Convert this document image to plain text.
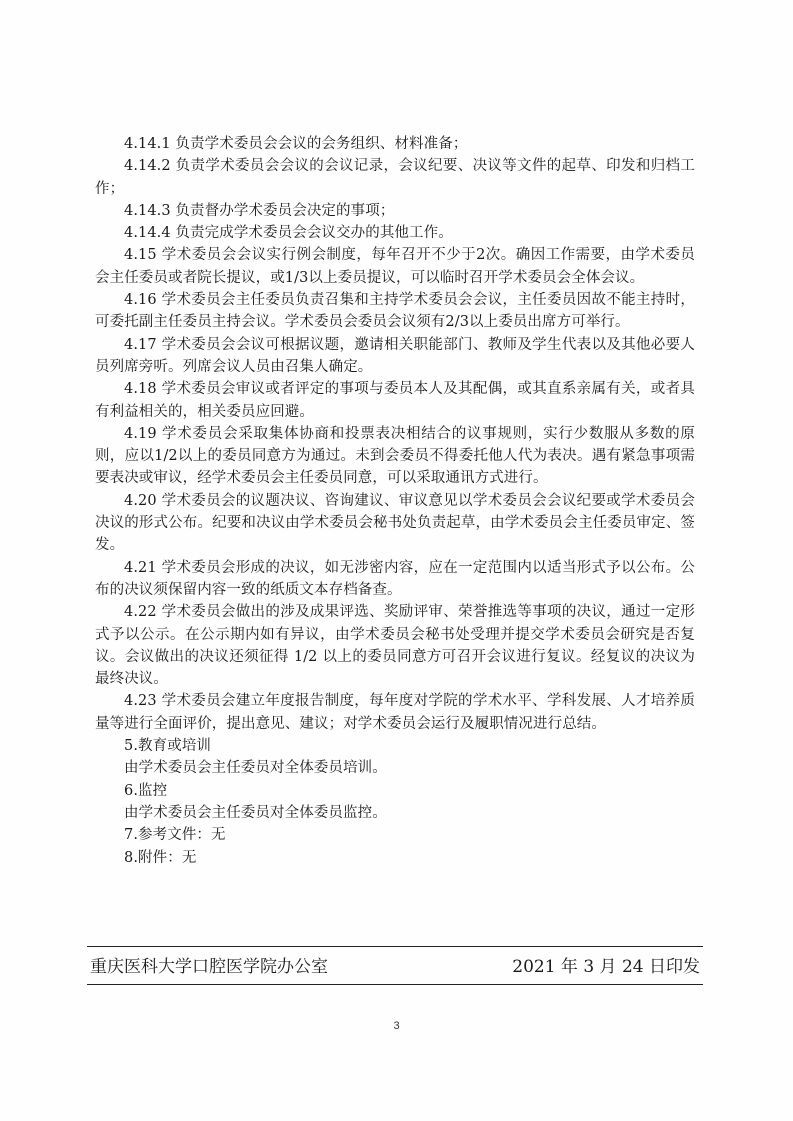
4.14.1 负责学术委员会会议的会务组织、材料准备；

4.14.2 负责学术委员会会议的会议记录，会议纪要、决议等文件的起草、印发和归档工作；

4.14.3 负责督办学术委员会决定的事项；

4.14.4 负责完成学术委员会会议交办的其他工作。

4.15 学术委员会会议实行例会制度，每年召开不少于2次。确因工作需要，由学术委员会主任委员或者院长提议，或1/3以上委员提议，可以临时召开学术委员会全体会议。

4.16 学术委员会主任委员负责召集和主持学术委员会会议，主任委员因故不能主持时，可委托副主任委员主持会议。学术委员会委员会议须有2/3以上委员出席方可举行。

4.17 学术委员会会议可根据议题，邀请相关职能部门、教师及学生代表以及其他必要人员列席旁听。列席会议人员由召集人确定。

4.18 学术委员会审议或者评定的事项与委员本人及其配偶，或其直系亲属有关，或者具有利益相关的，相关委员应回避。

4.19 学术委员会采取集体协商和投票表决相结合的议事规则，实行少数服从多数的原则，应以1/2以上的委员同意方为通过。未到会委员不得委托他人代为表决。遇有紧急事项需要表决或审议，经学术委员会主任委员同意，可以采取通讯方式进行。

4.20 学术委员会的议题决议、咨询建议、审议意见以学术委员会会议纪要或学术委员会决议的形式公布。纪要和决议由学术委员会秘书处负责起草，由学术委员会主任委员审定、签发。

4.21 学术委员会形成的决议，如无涉密内容，应在一定范围内以适当形式予以公布。公布的决议须保留内容一致的纸质文本存档备查。

4.22 学术委员会做出的涉及成果评选、奖励评审、荣誉推选等事项的决议，通过一定形式予以公示。在公示期内如有异议，由学术委员会秘书处受理并提交学术委员会研究是否复议。会议做出的决议还须征得 1/2 以上的委员同意方可召开会议进行复议。经复议的决议为最终决议。

4.23 学术委员会建立年度报告制度，每年度对学院的学术水平、学科发展、人才培养质量等进行全面评价，提出意见、建议；对学术委员会运行及履职情况进行总结。

5.教育或培训

由学术委员会主任委员对全体委员培训。

6.监控

由学术委员会主任委员对全体委员监控。

7.参考文件：无

8.附件：无

重庆医科大学口腔医学院办公室	2021 年 3 月 24 日印发
3
